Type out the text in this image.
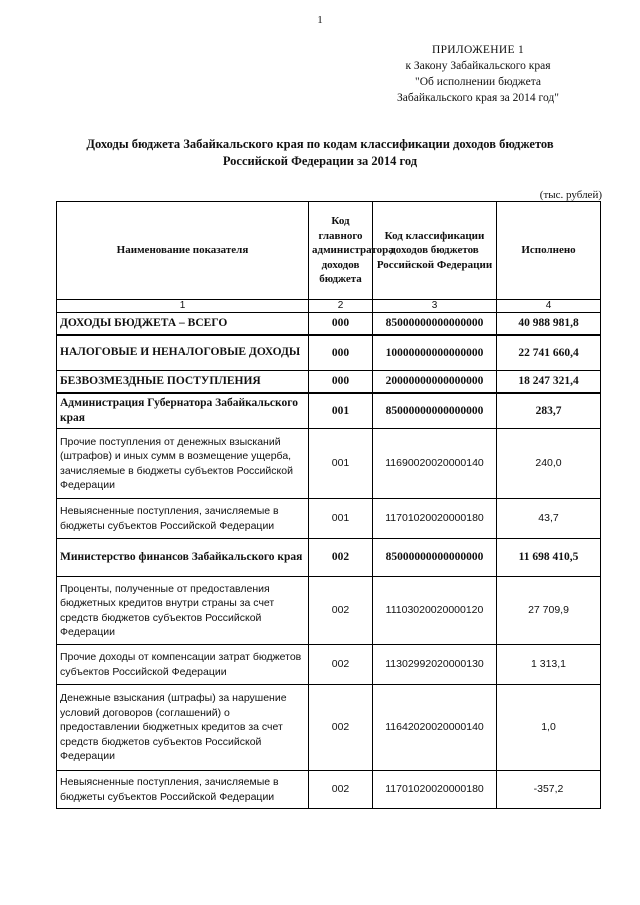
1
ПРИЛОЖЕНИЕ 1
к Закону Забайкальского края
"Об исполнении бюджета
Забайкальского края за 2014 год"
Доходы бюджета Забайкальского края по кодам классификации доходов бюджетов
Российской Федерации за 2014 год
(тыс. рублей)
Наименование показателя	Код главного администратора доходов бюджета	Код классификации доходов бюджетов Российской Федерации	Исполнено
1	2	3	4
ДОХОДЫ БЮДЖЕТА – ВСЕГО	000	85000000000000000	40 988 981,8
НАЛОГОВЫЕ И НЕНАЛОГОВЫЕ ДОХОДЫ	000	10000000000000000	22 741 660,4
БЕЗВОЗМЕЗДНЫЕ ПОСТУПЛЕНИЯ	000	20000000000000000	18 247 321,4
Администрация Губернатора Забайкальского края	001	85000000000000000	283,7
Прочие поступления от денежных взысканий (штрафов) и иных сумм в возмещение ущерба, зачисляемые в бюджеты субъектов Российской Федерации	001	11690020020000140	240,0
Невыясненные поступления, зачисляемые в бюджеты субъектов Российской Федерации	001	11701020020000180	43,7
Министерство финансов Забайкальского края	002	85000000000000000	11 698 410,5
Проценты, полученные от предоставления бюджетных кредитов внутри страны за счет средств бюджетов субъектов Российской Федерации	002	11103020020000120	27 709,9
Прочие доходы от компенсации затрат бюджетов субъектов Российской Федерации	002	11302992020000130	1 313,1
Денежные взыскания (штрафы) за нарушение условий договоров (соглашений) о предоставлении бюджетных кредитов за счет средств бюджетов субъектов Российской Федерации	002	11642020020000140	1,0
Невыясненные поступления, зачисляемые в бюджеты субъектов Российской Федерации	002	11701020020000180	-357,2
